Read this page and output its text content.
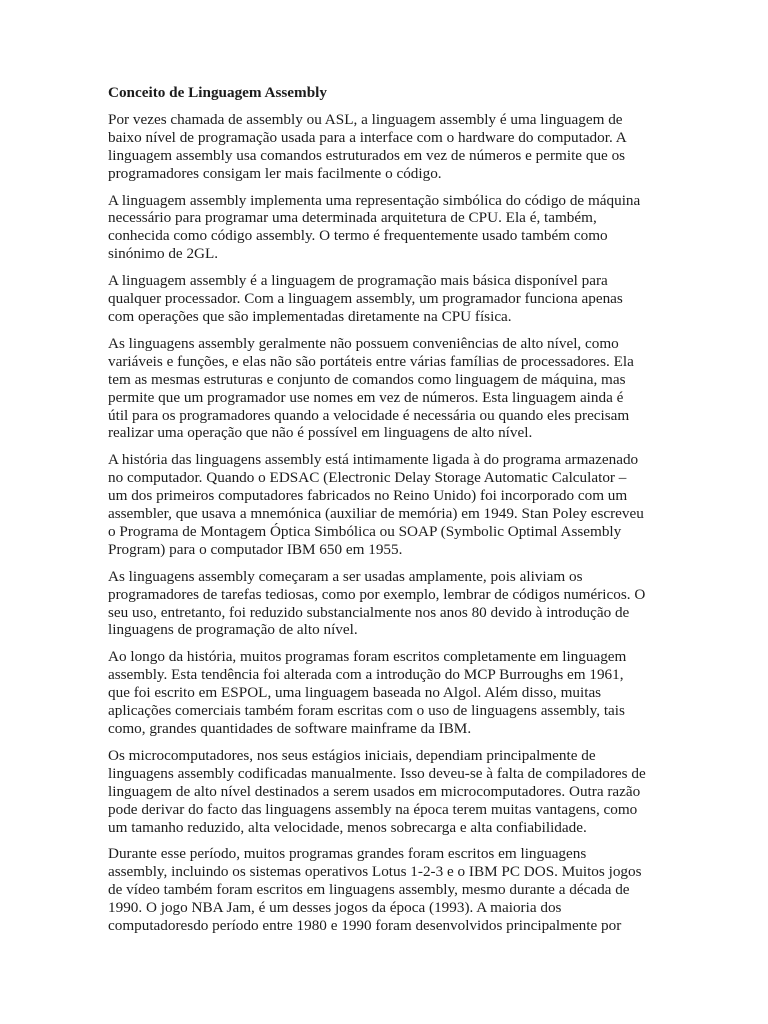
Conceito de Linguagem Assembly
Por vezes chamada de assembly ou ASL, a linguagem assembly é uma linguagem de
baixo nível de programação usada para a interface com o hardware do computador. A
linguagem assembly usa comandos estruturados em vez de números e permite que os
programadores consigam ler mais facilmente o código.
A linguagem assembly implementa uma representação simbólica do código de máquina
necessário para programar uma determinada arquitetura de CPU. Ela é, também,
conhecida como código assembly. O termo é frequentemente usado também como
sinónimo de 2GL.
A linguagem assembly é a linguagem de programação mais básica disponível para
qualquer processador. Com a linguagem assembly, um programador funciona apenas
com operações que são implementadas diretamente na CPU física.
As linguagens assembly geralmente não possuem conveniências de alto nível, como
variáveis e funções, e elas não são portáteis entre várias famílias de processadores. Ela
tem as mesmas estruturas e conjunto de comandos como linguagem de máquina, mas
permite que um programador use nomes em vez de números. Esta linguagem ainda é
útil para os programadores quando a velocidade é necessária ou quando eles precisam
realizar uma operação que não é possível em linguagens de alto nível.
A história das linguagens assembly está intimamente ligada à do programa armazenado
no computador. Quando o EDSAC (Electronic Delay Storage Automatic Calculator –
um dos primeiros computadores fabricados no Reino Unido) foi incorporado com um
assembler, que usava a mnemónica (auxiliar de memória) em 1949. Stan Poley escreveu
o Programa de Montagem Óptica Simbólica ou SOAP (Symbolic Optimal Assembly
Program) para o computador IBM 650 em 1955.
As linguagens assembly começaram a ser usadas amplamente, pois aliviam os
programadores de tarefas tediosas, como por exemplo, lembrar de códigos numéricos. O
seu uso, entretanto, foi reduzido substancialmente nos anos 80 devido à introdução de
linguagens de programação de alto nível.
Ao longo da história, muitos programas foram escritos completamente em linguagem
assembly. Esta tendência foi alterada com a introdução do MCP Burroughs em 1961,
que foi escrito em ESPOL, uma linguagem baseada no Algol. Além disso, muitas
aplicações comerciais também foram escritas com o uso de linguagens assembly, tais
como, grandes quantidades de software mainframe da IBM.
Os microcomputadores, nos seus estágios iniciais, dependiam principalmente de
linguagens assembly codificadas manualmente. Isso deveu-se à falta de compiladores de
linguagem de alto nível destinados a serem usados em microcomputadores. Outra razão
pode derivar do facto das linguagens assembly na época terem muitas vantagens, como
um tamanho reduzido, alta velocidade, menos sobrecarga e alta confiabilidade.
Durante esse período, muitos programas grandes foram escritos em linguagens
assembly, incluindo os sistemas operativos Lotus 1-2-3 e o IBM PC DOS. Muitos jogos
de vídeo também foram escritos em linguagens assembly, mesmo durante a década de
1990. O jogo NBA Jam, é um desses jogos da época (1993). A maioria dos
computadoresdo período entre 1980 e 1990 foram desenvolvidos principalmente por
